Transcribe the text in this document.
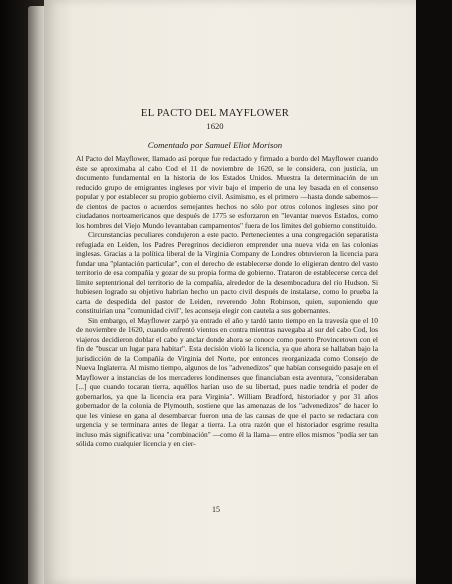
EL PACTO DEL MAYFLOWER
1620
Comentado por Samuel Eliot Morison

Al Pacto del Mayflower, llamado así porque fue redactado y firmado a bordo del Mayflower cuando éste se aproximaba al cabo Cod el 11 de noviembre de 1620, se le considera, con justicia, un documento fundamental en la historia de los Estados Unidos. Muestra la determinación de un reducido grupo de emigrantes ingleses por vivir bajo el imperio de una ley basada en el consenso popular y por establecer su propio gobierno civil. Asimismo, es el primero —hasta donde sabemos— de cientos de pactos o acuerdos semejantes hechos no sólo por otros colonos ingleses sino por ciudadanos norteamericanos que después de 1775 se esforzaron en "levantar nuevos Estados, como los hombres del Viejo Mundo levantaban campamentos" fuera de los límites del gobierno constituido.

Circunstancias peculiares condujeron a este pacto. Pertenecientes a una congregación separatista refugiada en Leiden, los Padres Peregrinos decidieron emprender una nueva vida en las colonias inglesas. Gracias a la política liberal de la Virginia Company de Londres obtuvieron la licencia para fundar una "plantación particular", con el derecho de establecerse donde lo eligieran dentro del vasto territorio de esa compañía y gozar de su propia forma de gobierno. Trataron de establecerse cerca del límite septentrional del territorio de la compañía, alrededor de la desembocadura del río Hudson. Si hubiesen logrado su objetivo habrían hecho un pacto civil después de instalarse, como lo prueba la carta de despedida del pastor de Leiden, reverendo John Robinson, quien, suponiendo que constituirían una "comunidad civil", les aconseja elegir con cautela a sus gobernantes.

Sin embargo, el Mayflower zarpó ya entrado el año y tardó tanto tiempo en la travesía que el 10 de noviembre de 1620, cuando enfrentó vientos en contra mientras navegaba al sur del cabo Cod, los viajeros decidieron doblar el cabo y anclar donde ahora se conoce como puerto Provincetown con el fin de "buscar un lugar para habitar". Esta decisión violó la licencia, ya que ahora se hallaban bajo la jurisdicción de la Compañía de Virginia del Norte, por entonces reorganizada como Consejo de Nueva Inglaterra. Al mismo tiempo, algunos de los "advenedizos" que habían conseguido pasaje en el Mayflower a instancias de los mercaderes londinenses que financiaban esta aventura, "consideraban [...] que cuando tocaran tierra, aquéllos harían uso de su libertad, pues nadie tendría el poder de gobernarlos, ya que la licencia era para Virginia". William Bradford, historiador y por 31 años gobernador de la colonia de Plymouth, sostiene que las amenazas de los "advenedizos" de hacer lo que les viniese en gana al desembarcar fueron una de las causas de que el pacto se redactara con urgencia y se terminara antes de llegar a tierra. La otra razón que el historiador esgrime resulta incluso más significativa: una "combinación" —como él la llama— entre ellos mismos "podía ser tan sólida como cualquier licencia y en cier-

15
